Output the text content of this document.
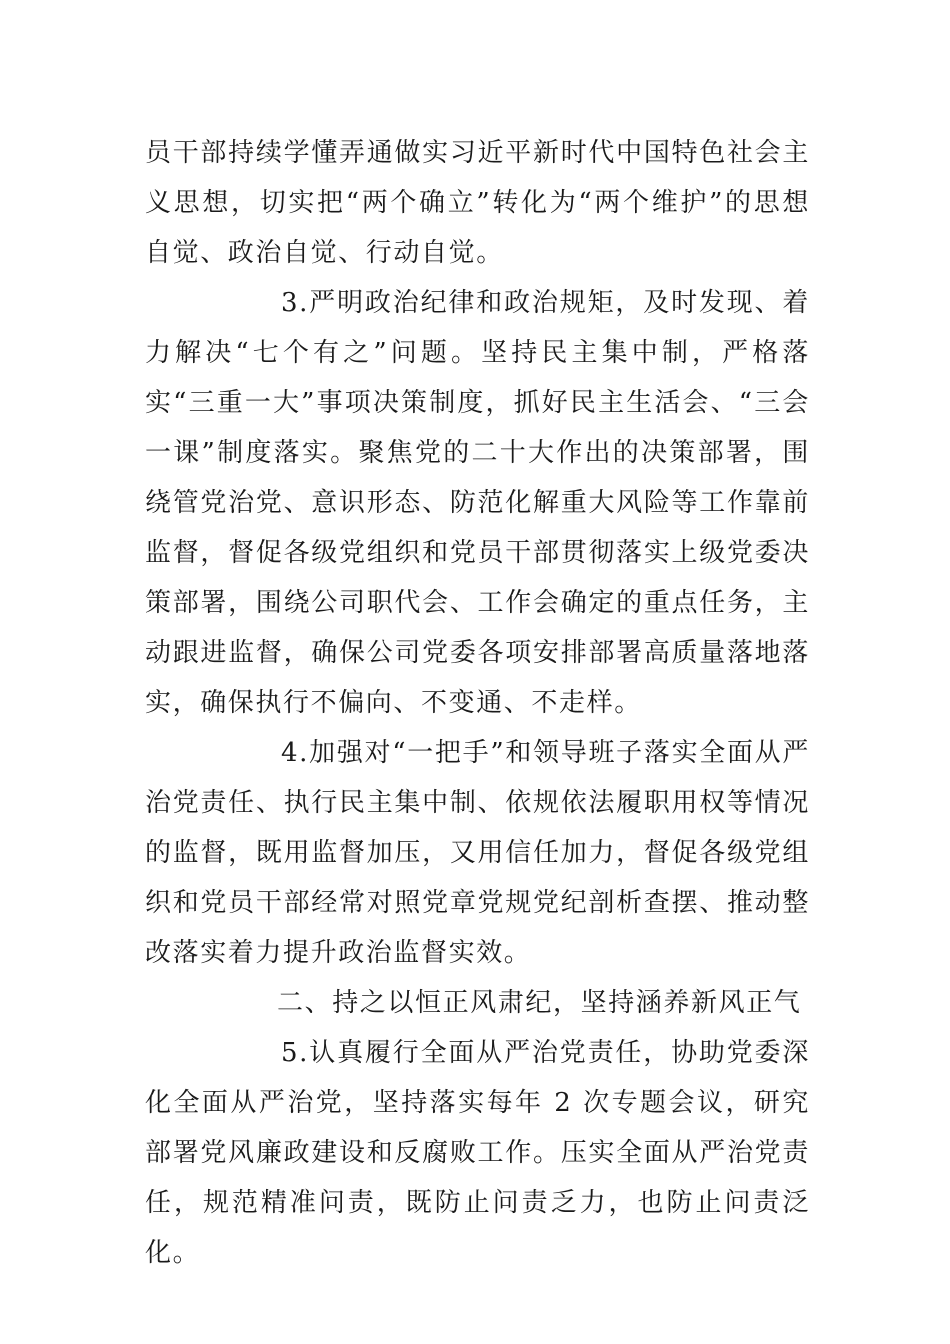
员干部持续学懂弄通做实习近平新时代中国特色社会主义思想，切实把“两个确立”转化为“两个维护”的思想自觉、政治自觉、行动自觉。

3.严明政治纪律和政治规矩，及时发现、着力解决“七个有之”问题。坚持民主集中制，严格落实“三重一大”事项决策制度，抓好民主生活会、“三会一课”制度落实。聚焦党的二十大作出的决策部署，围绕管党治党、意识形态、防范化解重大风险等工作靠前监督，督促各级党组织和党员干部贯彻落实上级党委决策部署，围绕公司职代会、工作会确定的重点任务，主动跟进监督，确保公司党委各项安排部署高质量落地落实，确保执行不偏向、不变通、不走样。

4.加强对“一把手”和领导班子落实全面从严治党责任、执行民主集中制、依规依法履职用权等情况的监督，既用监督加压，又用信任加力，督促各级党组织和党员干部经常对照党章党规党纪剖析查摆、推动整改落实着力提升政治监督实效。

二、持之以恒正风肃纪，坚持涵养新风正气

5.认真履行全面从严治党责任，协助党委深化全面从严治党，坚持落实每年 2 次专题会议，研究部署党风廉政建设和反腐败工作。压实全面从严治党责任，规范精准问责，既防止问责乏力，也防止问责泛化。
